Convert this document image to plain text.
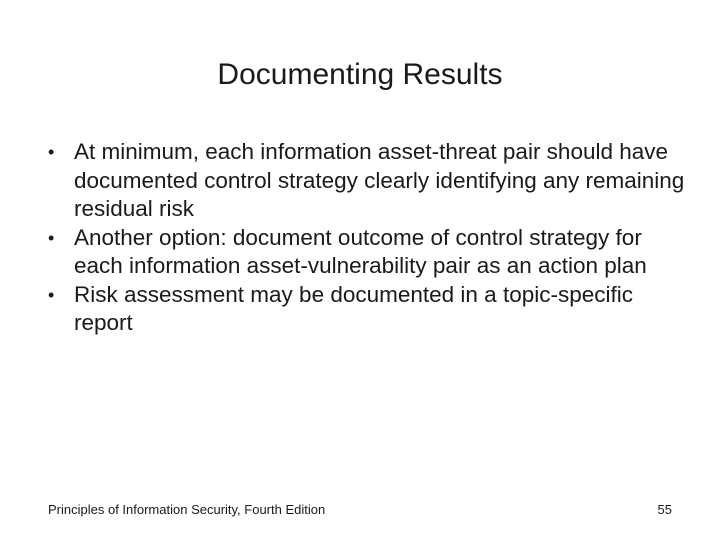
Documenting Results
• At minimum, each information asset-threat pair should have documented control strategy clearly identifying any remaining residual risk
• Another option: document outcome of control strategy for each information asset-vulnerability pair as an action plan
• Risk assessment may be documented in a topic-specific report
Principles of Information Security, Fourth Edition	55
